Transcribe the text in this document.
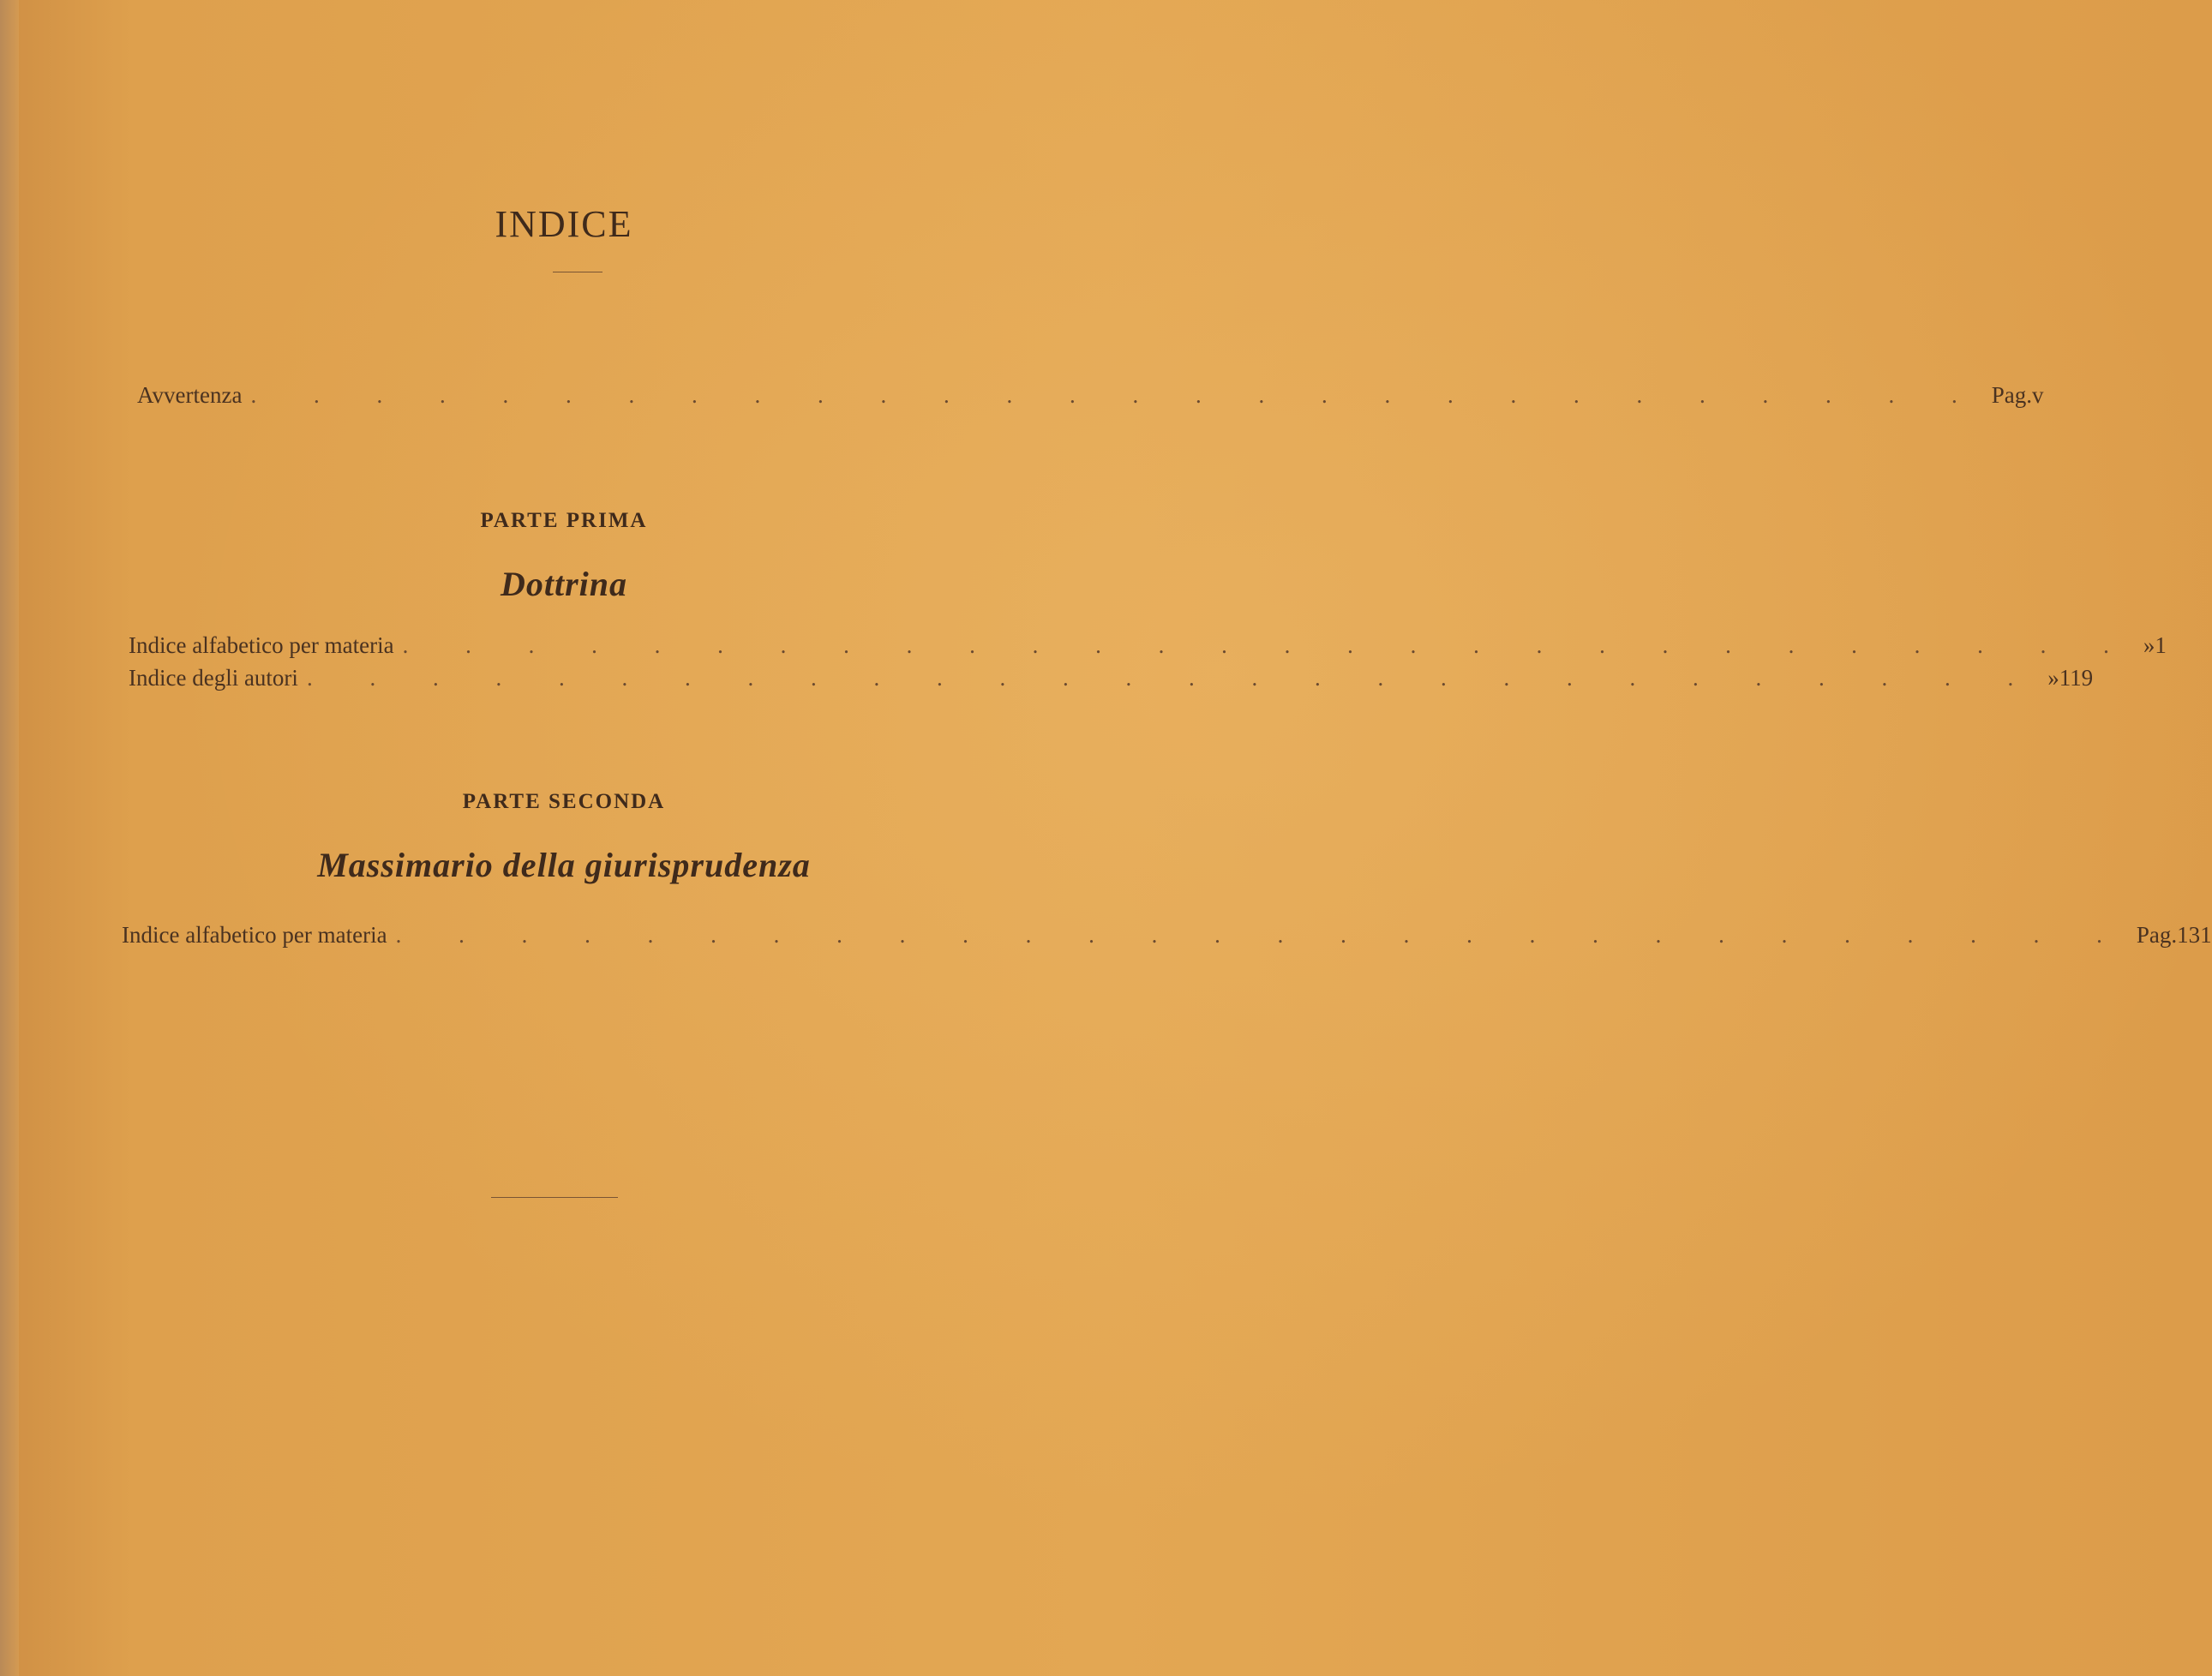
INDICE
Avvertenza . . . . . . . . . . . . . . . . . . . . . . . . . . . . Pag. v
PARTE PRIMA
Dottrina
Indice alfabetico per materia . . . . . . . . . . . . . . . . . . . . . . . . . . . . » 1
Indice degli autori . . . . . . . . . . . . . . . . . . . . . . . . . . . . » 119
PARTE SECONDA
Massimario della giurisprudenza
Indice alfabetico per materia . . . . . . . . . . . . . . . . . . . . . . . . . . . . Pag. 131
